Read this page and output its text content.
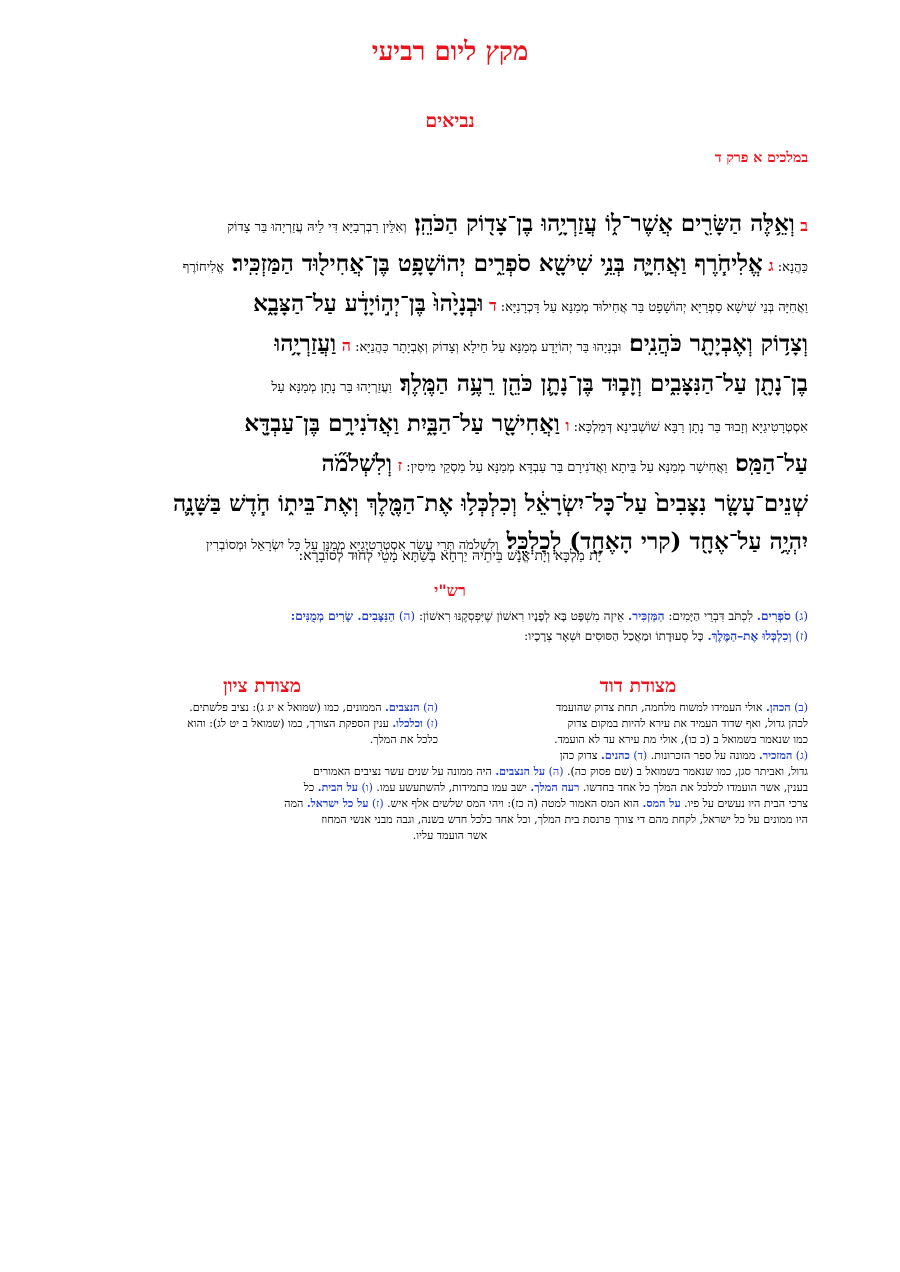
מקץ ליום רביעי
נביאים
במלכים א פרק ד
ב וְאֵ֥לֶּה הַשָּׂרִ֖ים אֲשֶׁר־ל֑וֹ עֲזַרְיָ֥הוּ בֶן־צָד֖וֹק הַכֹּהֵֽן׃ וְאִלֵּין רַבְרְבַיָּא דִּי לֵיהּ עֲזַרְיָהוּ בַּר צָדוֹק
כַּהֲנָא: ג אֱלִיחֹ֧רֶף וַאֲחִיָּ֛ה בְּנֵ֥י שִׁישָׁ֖א סֹפְרִ֑ים יְהוֹשָׁפָ֥ט בֶּן־אֲחִיל֖וּד הַמַּזְכִּֽיר׃ אֱלִיחוֹרֶף
וַאֲחִיָּה בְּנֵי שִׁישָׁא סַפְרַיָּא יְהוֹשָׁפָט בַּר אֲחִילוּד מְמַנָּא עַל דָּכְרָנַיָּא: ד וּבְנָיָ֙הוּ֙ בֶּן־יְה֣וֹיָדָ֔ע עַל־הַצָּבָ֑א
וְצָד֥וֹק וְאֶבְיָתָ֖ר כֹּהֲנִֽים׃ וּבְנָיָהוּ בַּר יְהוֹיָדָע מְמַנָּא עַל חֵילָא וְצָדוֹק וְאֶבְיָתָר כַּהֲנַיָּא: ה וַעֲזַרְיָ֥הוּ
בֶן־נָתָ֖ן עַל־הַנִּצָּבִ֑ים וְזָב֧וּד בֶּן־נָתָ֛ן כֹּהֵ֖ן רֵעֶ֥ה הַמֶּֽלֶךְ׃ וַעֲזַרְיָהוּ בַּר נָתָן מְמַנָּא עַל
אִסְטְרָטִיגַיָּא וְזָבוּד בַּר נָתָן רַבָּא שׁוֹשְׁבִינָא דְּמַלְכָּא: ו וַאֲחִישָׁ֖ר עַל־הַבָּ֑יִת וַאֲדֹנִירָ֥ם בֶּן־עַבְדָּ֖א
עַל־הַמַּֽס׃ וַאֲחִישָׁר מְמַנָּא עַל בֵּיתָא וַאֲדֹנִירָם בַּר עַבְדָּא מְמַנָּא עַל מַסְקֵי מִיסִין: ז וְלִשְׁלֹמֹ֞ה
שְׁנֵים־עָשָׂ֤ר נִצָּבִים֙ עַל־כָּל־יִשְׂרָאֵ֔ל וְכִלְכְּל֥וּ אֶת־הַמֶּ֖לֶךְ וְאֶת־בֵּית֑וֹ חֹ֧דֶשׁ בַּשָּׁנָ֛ה
יִהְיֶ֥ה עַל־אֶחָ֖ד (קרי הָאֶחָ֖ד) לְכַלְכֵּֽל׃ וְלִשְׁלֹמֹה תְּרֵי עֲשַׂר אִסְטְרָטִיגַיָּא מְמַנָּן עַל כָּל יִשְׂרָאֵל וּמְסוֹבְרִין
יָת מַלְכָּא וְיָת אֱנָשׁ בֵּיתֵיהּ יַרְחָא בְּשַׁתָּא מָטֵי לְחוּד לְסוֹבָרָא:
רש"י
(ג) סֹפְרִים. לִכְתֹּב דִּבְרֵי הַיָּמִים: הַמַּזְכִּיר. אֵיזֶה מִשְׁפָּט בָּא לְפָנָיו רִאשׁוֹן שֶׁיִּפְסְקֶנּוּ רִאשׁוֹן: (ה) הַנִּצָּבִים. שָׂרִים מְמֻנִּים:
(ז) וְכִלְכְּלוּ אֶת–הַמֶּלֶךְ. כָּל סְעוּדָתוֹ וּמַאֲכַל הַסּוּסִים וּשְׁאָר צְרָכָיו:
מצודת דוד
מצודת ציון
(ב) הכהן. אולי העמידו למשוח מלחמה, תחת צדוק שהועמד
לכהן גדול, ואף שדוד העמיד את עירא להיות במקום צדוק
כמו שנאמר בשמואל ב (כ כו), אולי מת עירא עד לא הועמד.
(ג) המזכיר. ממונה על ספר הזכרונות. (ד) כהנים. צדוק כהן
(ה) הנצבים. הממונים, כמו (שמואל א יג ג): נציב פלשתים.
(ז) וכלכלו. ענין הספקת הצורך, כמו (שמואל ב יט לג): והוא
כלכל את המלך.
גדול, ואביתר סגן, כמו שנאמר בשמואל ב (שם פסוק כה). (ה) על הנצבים. היה ממונה על שנים עשר נציבים האמורים
בענין, אשר הועמדו לכלכל את המלך כל אחד בחדשו. רעה המלך. ישב עמו בתמידות, להשתעשע עמו. (ו) על הבית. כל
צרכי הבית היו נעשים על פיו. על המס. הוא המס האמור למטה (ה כז): ויהי המס שלשים אלף איש. (ז) על כל ישראל. המה
היו ממונים על כל ישראל, לקחת מהם די צורך פרנסת בית המלך, וכל אחד כלכל חדש בשנה, וגבה מבני אנשי המחוז
אשר הועמד עליו.
